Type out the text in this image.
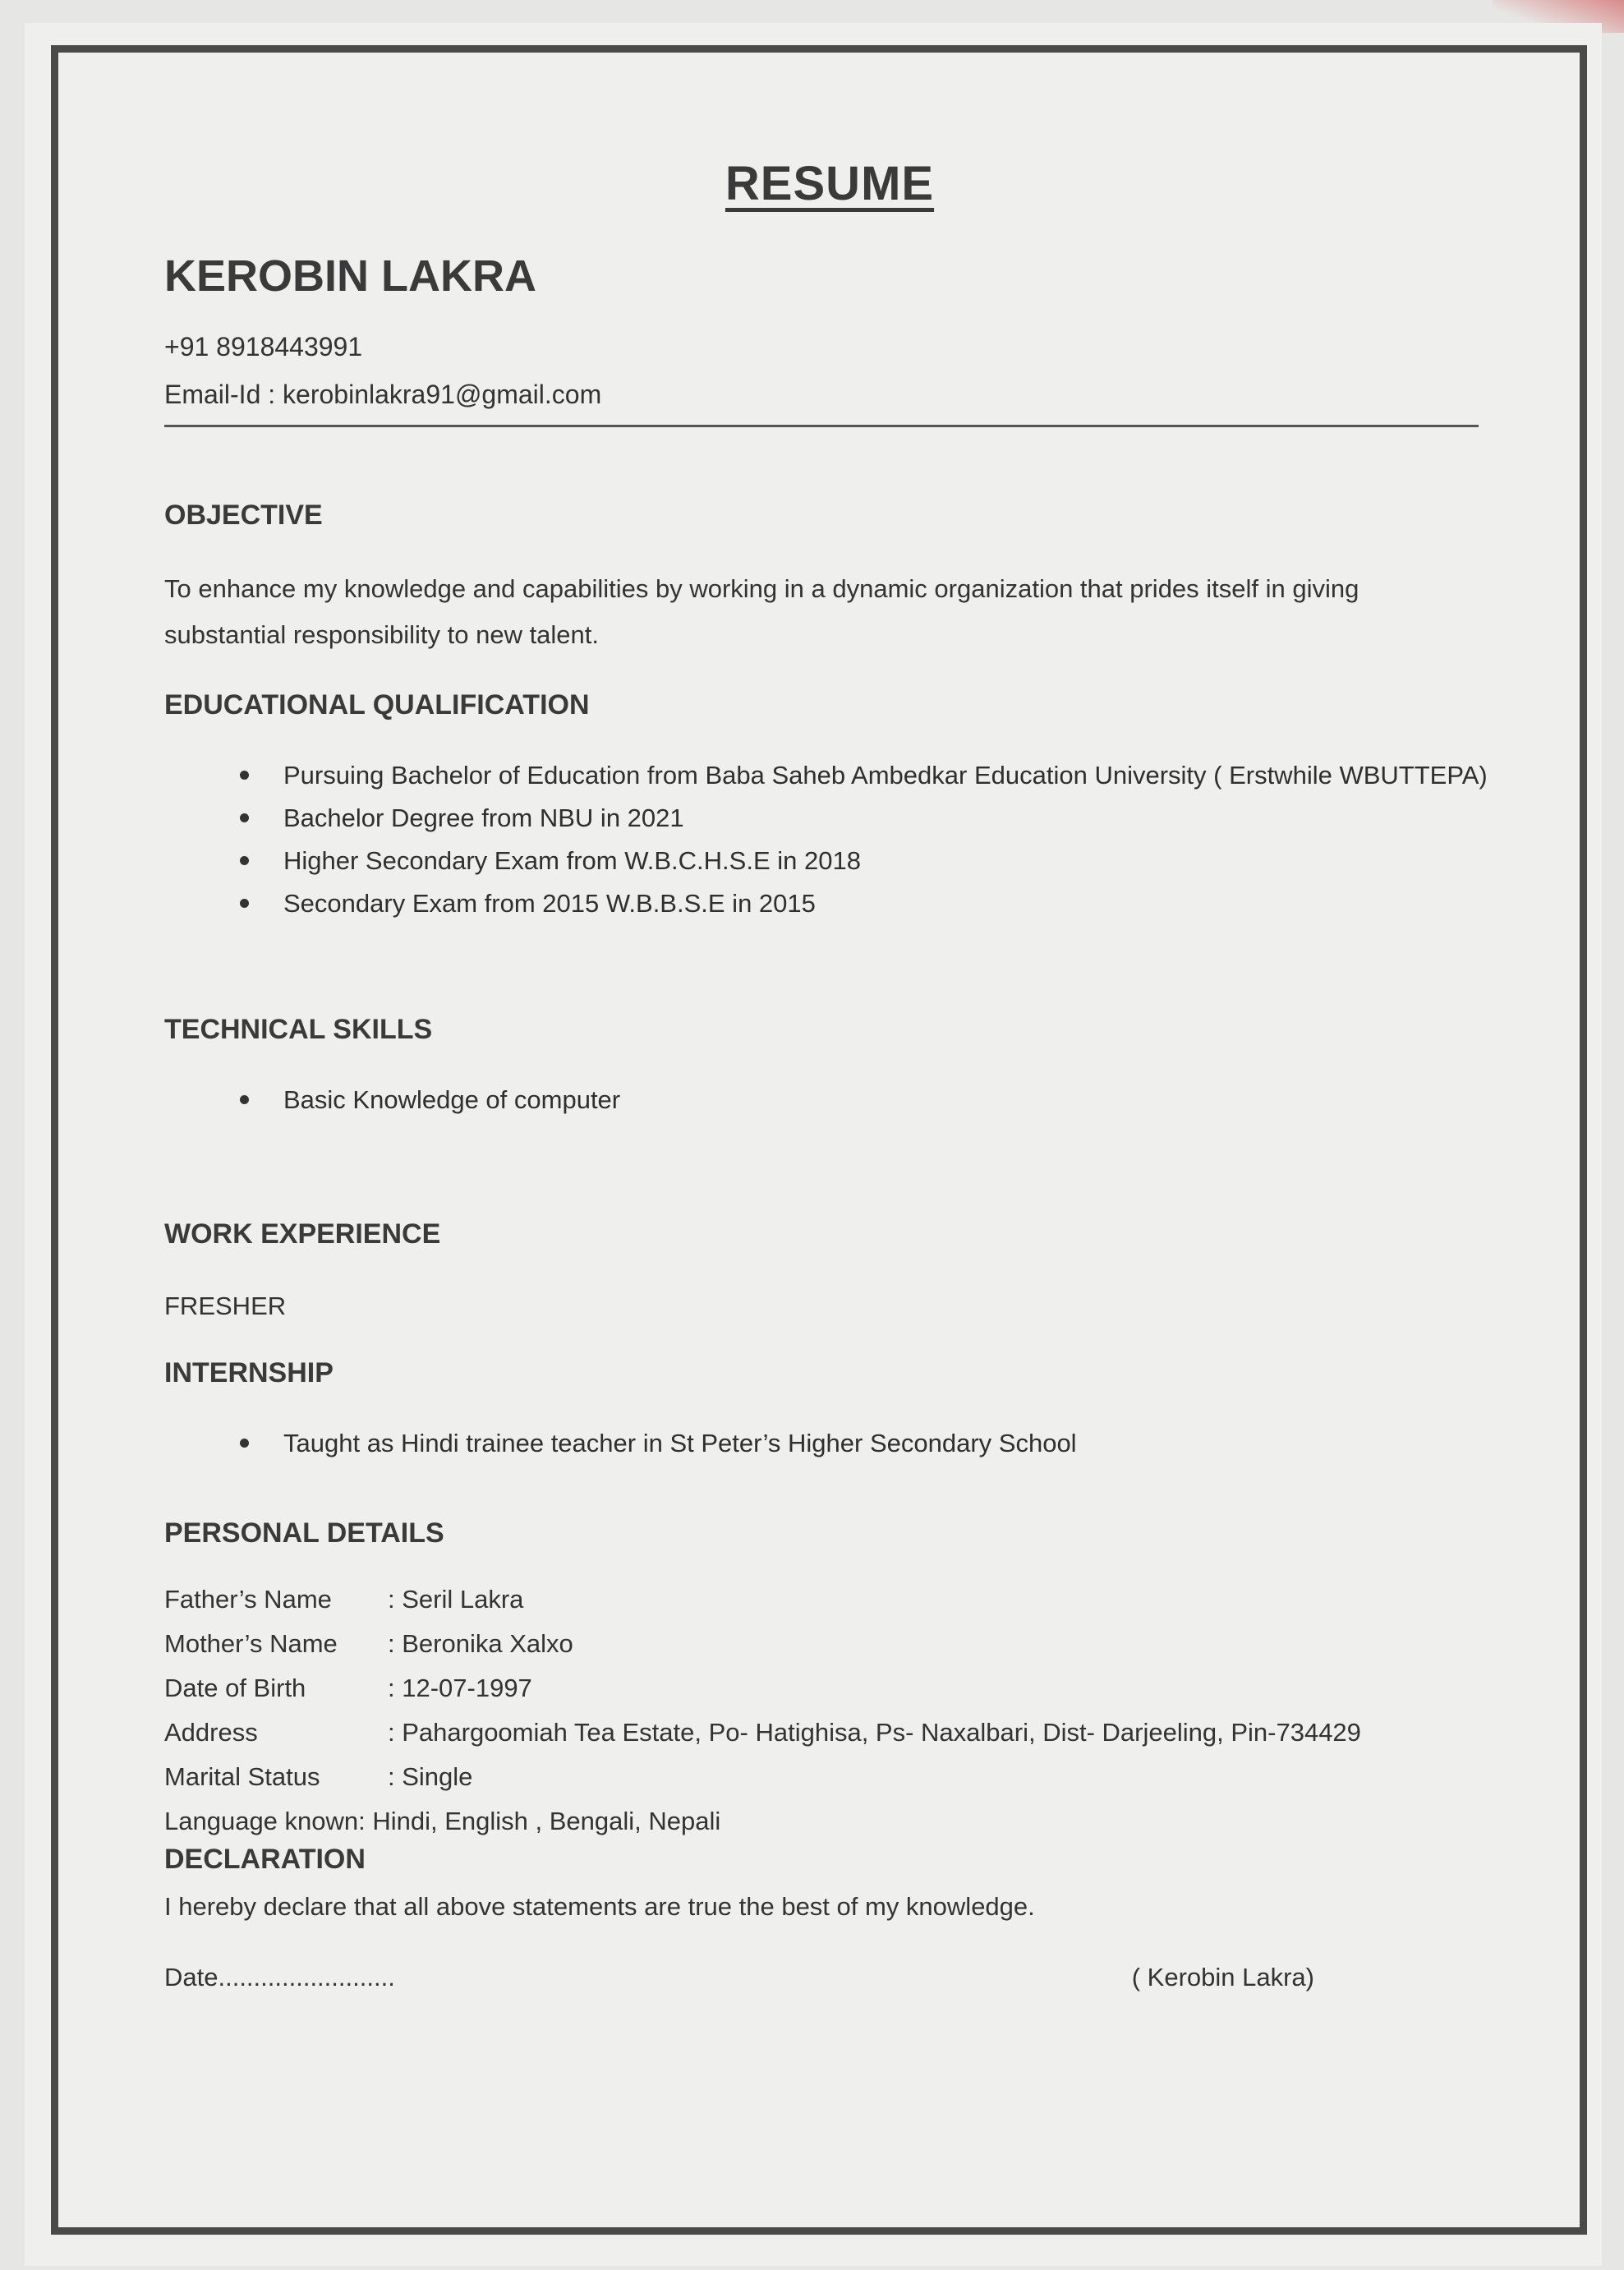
RESUME
KEROBIN LAKRA
+91 8918443991
Email-Id : kerobinlakra91@gmail.com
OBJECTIVE

To enhance my knowledge and capabilities by working in a dynamic organization that prides itself in giving substantial responsibility to new talent.

EDUCATIONAL QUALIFICATION
Pursuing Bachelor of Education from Baba Saheb Ambedkar Education University ( Erstwhile WBUTTEPA)
Bachelor Degree from NBU in 2021
Higher Secondary Exam from W.B.C.H.S.E in 2018
Secondary Exam from 2015 W.B.B.S.E in 2015
TECHNICAL SKILLS
Basic Knowledge of computer
WORK EXPERIENCE
FRESHER
INTERNSHIP
Taught as Hindi trainee teacher in St Peter’s Higher Secondary School
PERSONAL DETAILS
Father’s Name	: Seril Lakra
Mother’s Name	: Beronika Xalxo
Date of Birth	: 12-07-1997
Address	: Pahargoomiah Tea Estate, Po- Hatighisa, Ps- Naxalbari, Dist- Darjeeling, Pin-734429
Marital Status	: Single
Language known: Hindi, English , Bengali, Nepali
DECLARATION
I hereby declare that all above statements are true the best of my knowledge.
Date.........................	( Kerobin Lakra)
